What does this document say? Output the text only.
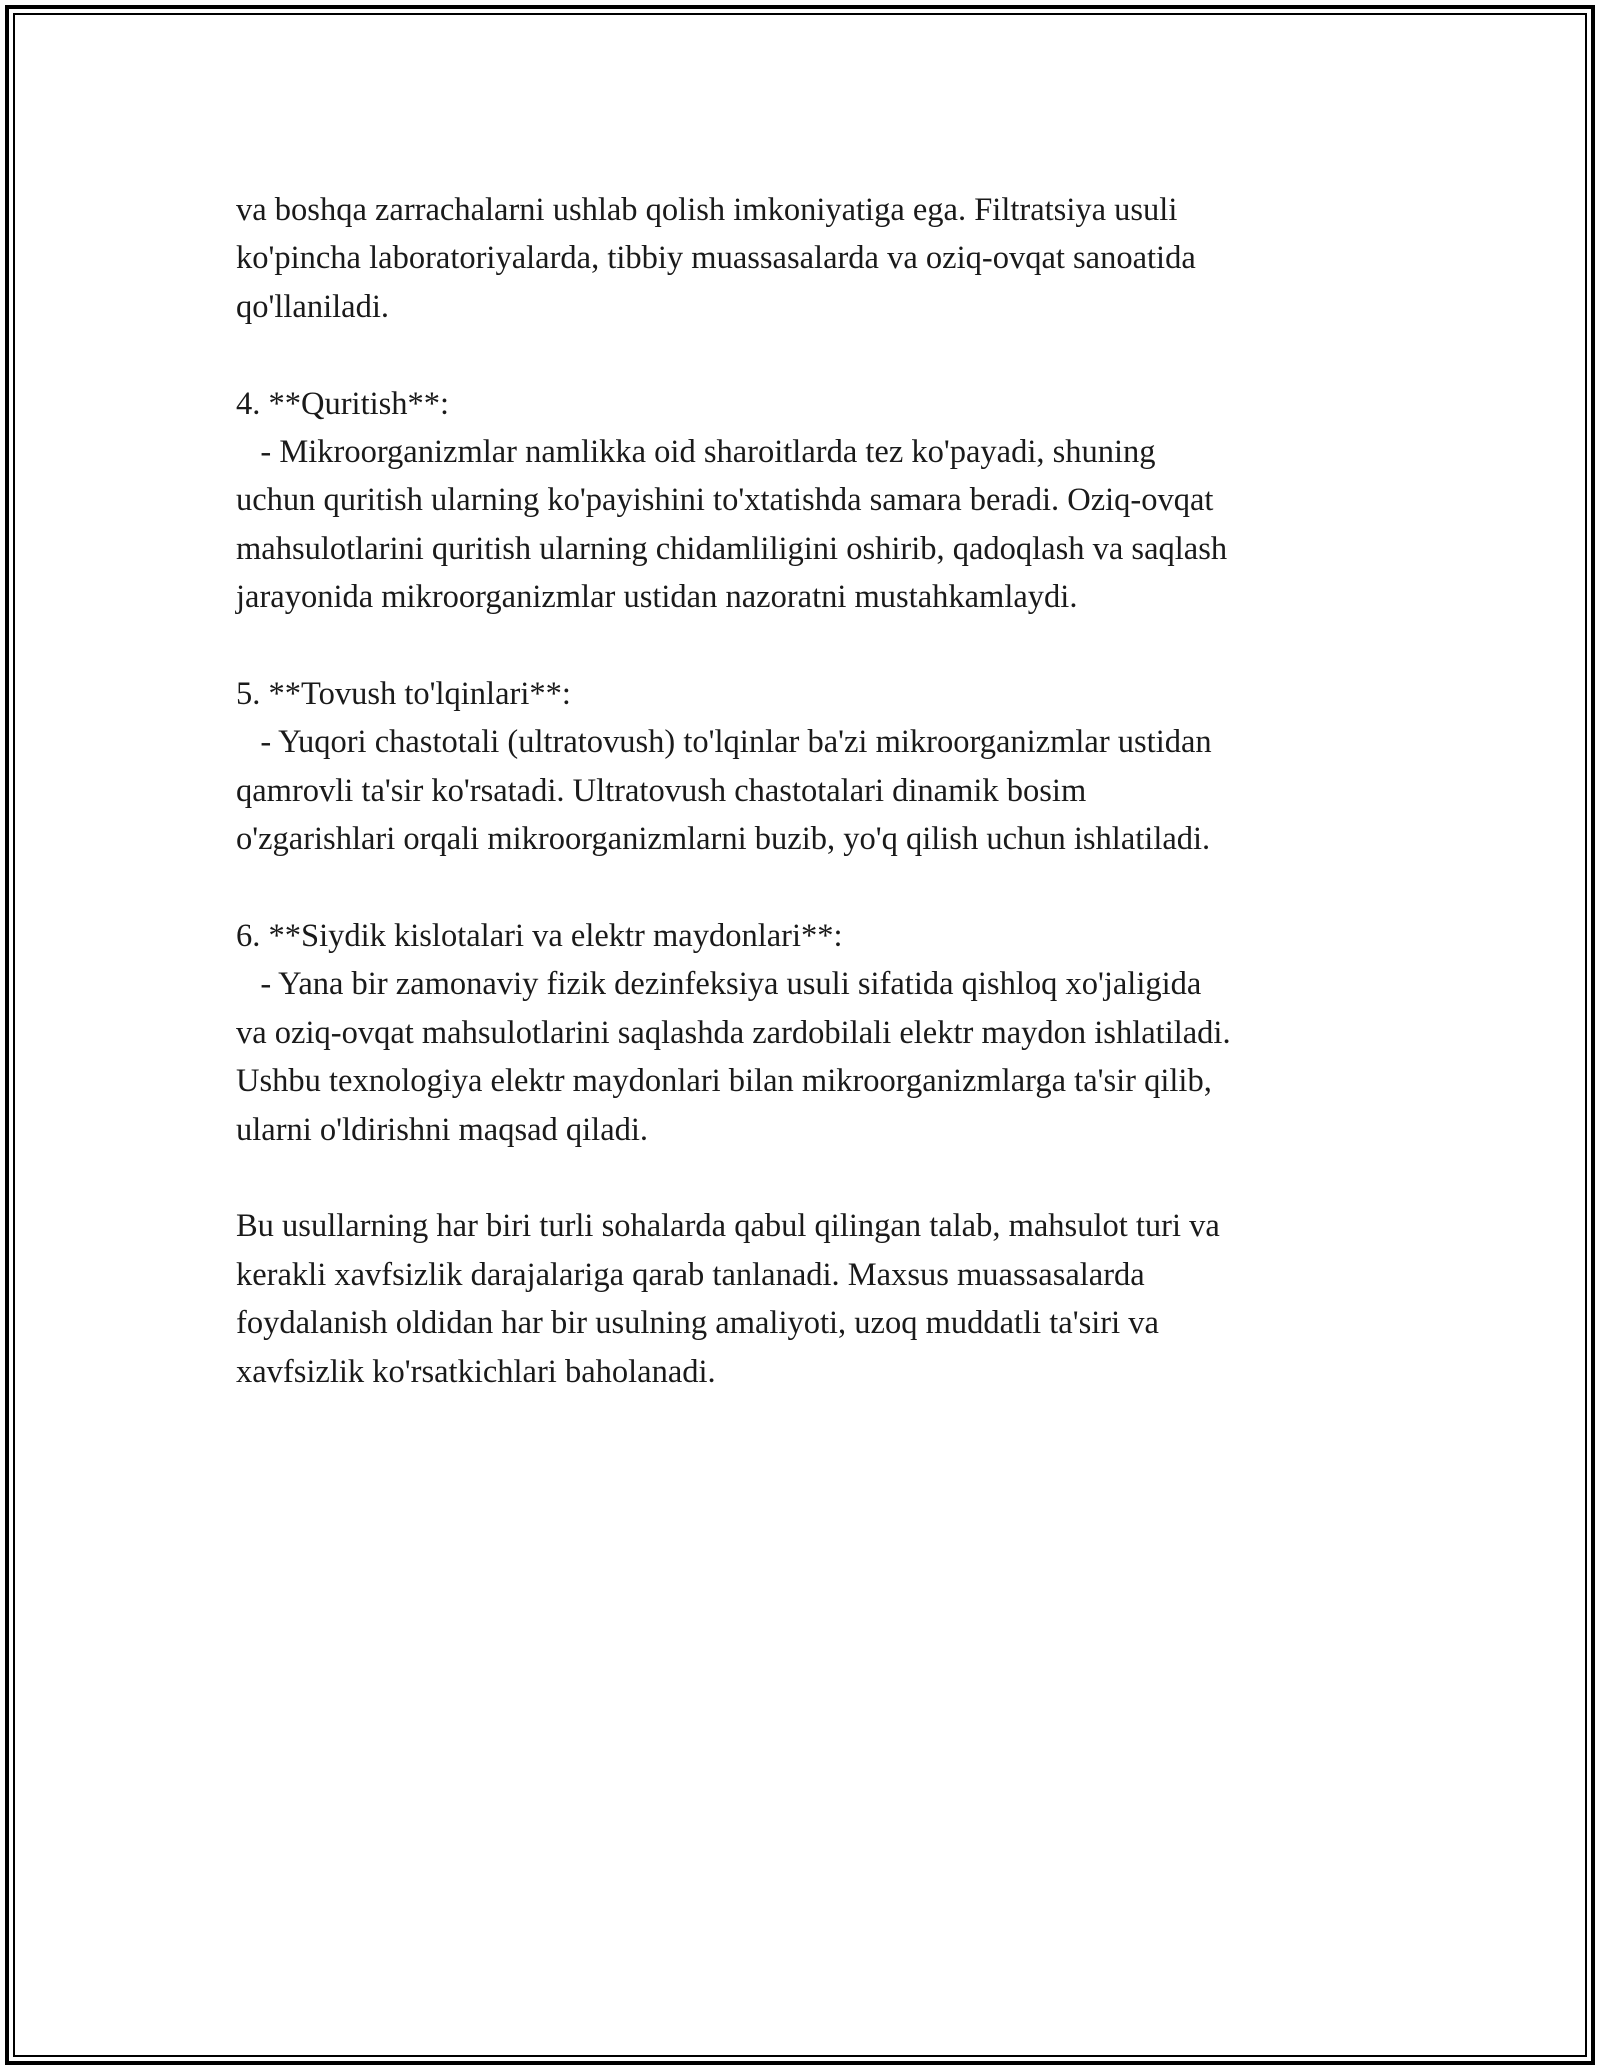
va boshqa zarrachalarni ushlab qolish imkoniyatiga ega. Filtratsiya usuli
ko'pincha laboratoriyalarda, tibbiy muassasalarda va oziq-ovqat sanoatida
qo'llaniladi.
4. **Quritish**:
- Mikroorganizmlar namlikka oid sharoitlarda tez ko'payadi, shuning
uchun quritish ularning ko'payishini to'xtatishda samara beradi. Oziq-ovqat
mahsulotlarini quritish ularning chidamliligini oshirib, qadoqlash va saqlash
jarayonida mikroorganizmlar ustidan nazoratni mustahkamlaydi.
5. **Tovush to'lqinlari**:
- Yuqori chastotali (ultratovush) to'lqinlar ba'zi mikroorganizmlar ustidan
qamrovli ta'sir ko'rsatadi. Ultratovush chastotalari dinamik bosim
o'zgarishlari orqali mikroorganizmlarni buzib, yo'q qilish uchun ishlatiladi.
6. **Siydik kislotalari va elektr maydonlari**:
- Yana bir zamonaviy fizik dezinfeksiya usuli sifatida qishloq xo'jaligida
va oziq-ovqat mahsulotlarini saqlashda zardobilali elektr maydon ishlatiladi.
Ushbu texnologiya elektr maydonlari bilan mikroorganizmlarga ta'sir qilib,
ularni o'ldirishni maqsad qiladi.
Bu usullarning har biri turli sohalarda qabul qilingan talab, mahsulot turi va
kerakli xavfsizlik darajalariga qarab tanlanadi. Maxsus muassasalarda
foydalanish oldidan har bir usulning amaliyoti, uzoq muddatli ta'siri va
xavfsizlik ko'rsatkichlari baholanadi.
